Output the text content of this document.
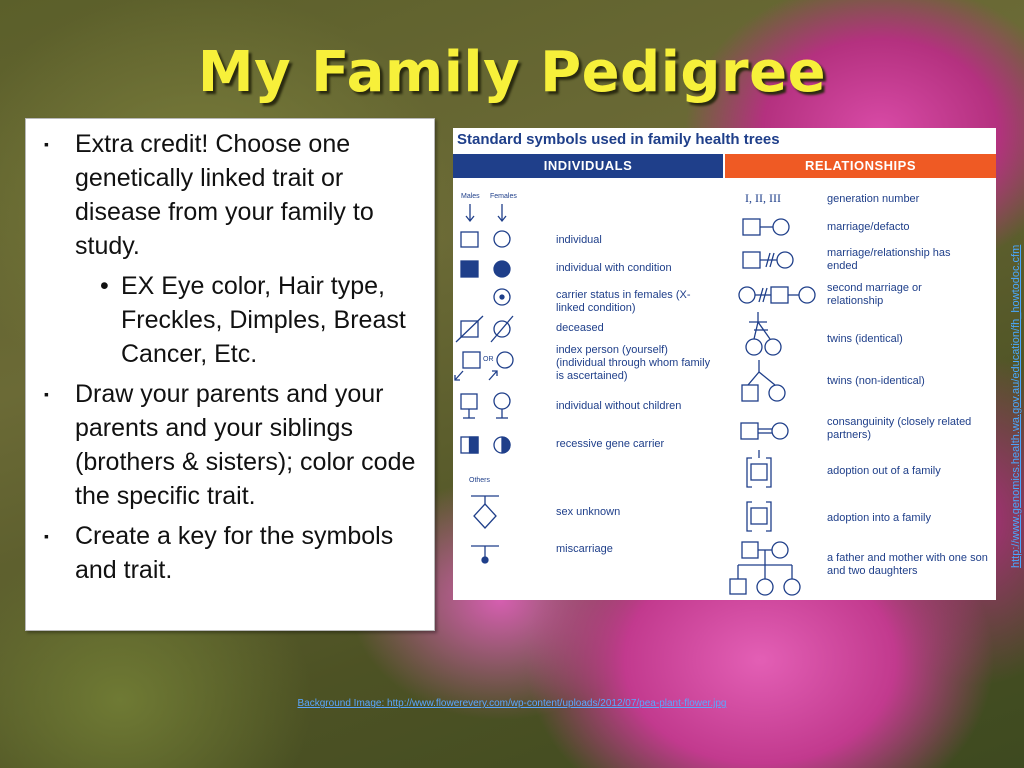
My Family Pedigree
▪ Extra credit! Choose one genetically linked trait or disease from your family to study.
• EX Eye color, Hair type, Freckles, Dimples, Breast Cancer, Etc.
▪ Draw your parents and your parents and your siblings (brothers & sisters); color code the specific trait.
▪ Create a key for the symbols and trait.
Standard symbols used in family health trees
INDIVIDUALS	RELATIONSHIPS
Males Females
OR
Others
individual
individual with condition
carrier status in females (X-linked condition)
deceased
index person (yourself) (individual through whom family is ascertained)
individual without children
recessive gene carrier
sex unknown
miscarriage
I, II, III	generation number
marriage/defacto
marriage/relationship has ended
second marriage or relationship
twins (identical)
twins (non-identical)
consanguinity (closely related partners)
adoption out of a family
adoption into a family
a father and mother with one son and two daughters
http://www.genomics.health.wa.gov.au/education/fh_howtodoc.cfm
Background Image: http://www.flowerevery.com/wp-content/uploads/2012/07/pea-plant-flower.jpg
